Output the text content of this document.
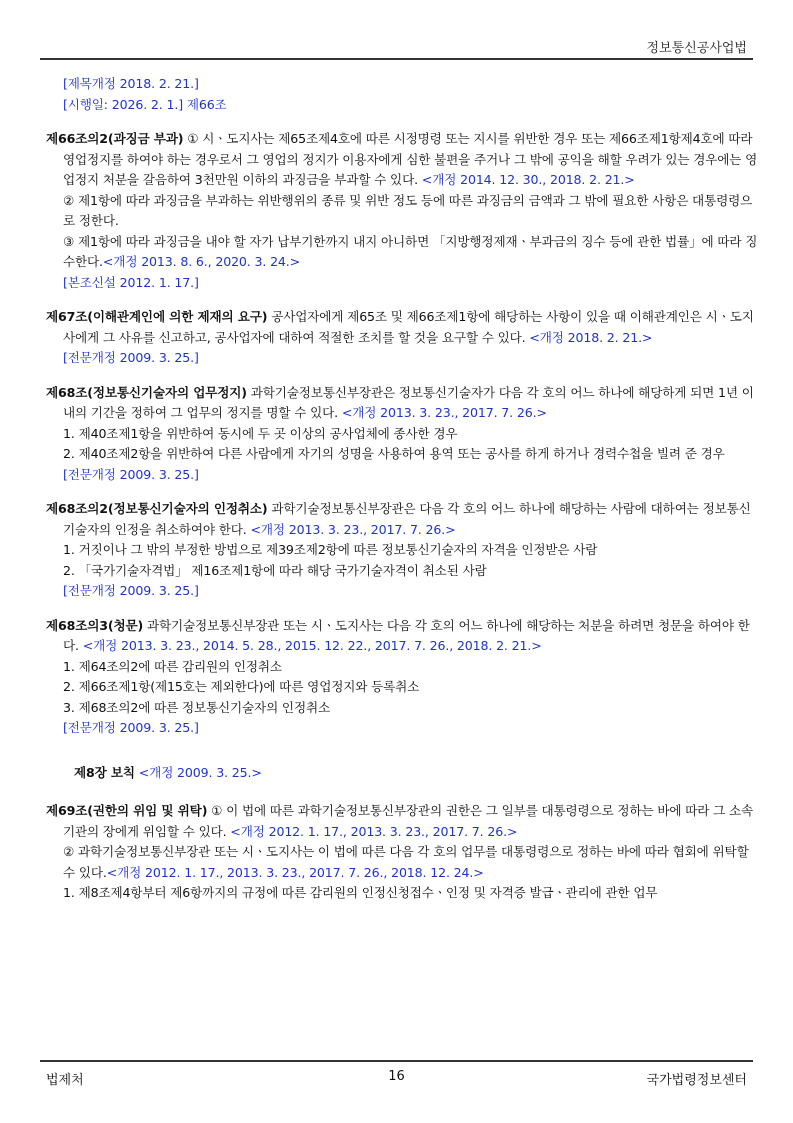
정보통신공사업법
[제목개정 2018. 2. 21.]
[시행일: 2026. 2. 1.] 제66조
제66조의2(과징금 부과) ① 시ㆍ도지사는 제65조제4호에 따른 시정명령 또는 지시를 위반한 경우 또는 제66조제1항제4호에 따라 영업정지를 하여야 하는 경우로서 그 영업의 정지가 이용자에게 심한 불편을 주거나 그 밖에 공익을 해할 우려가 있는 경우에는 영업정지 처분을 갈음하여 3천만원 이하의 과징금을 부과할 수 있다. <개정 2014. 12. 30., 2018. 2. 21.>
② 제1항에 따라 과징금을 부과하는 위반행위의 종류 및 위반 정도 등에 따른 과징금의 금액과 그 밖에 필요한 사항은 대통령령으로 정한다.
③ 제1항에 따라 과징금을 내야 할 자가 납부기한까지 내지 아니하면 「지방행정제재ㆍ부과금의 징수 등에 관한 법률」에 따라 징수한다.<개정 2013. 8. 6., 2020. 3. 24.>
[본조신설 2012. 1. 17.]
제67조(이해관계인에 의한 제재의 요구) 공사업자에게 제65조 및 제66조제1항에 해당하는 사항이 있을 때 이해관계인은 시ㆍ도지사에게 그 사유를 신고하고, 공사업자에 대하여 적절한 조치를 할 것을 요구할 수 있다. <개정 2018. 2. 21.>
[전문개정 2009. 3. 25.]
제68조(정보통신기술자의 업무정지) 과학기술정보통신부장관은 정보통신기술자가 다음 각 호의 어느 하나에 해당하게 되면 1년 이내의 기간을 정하여 그 업무의 정지를 명할 수 있다. <개정 2013. 3. 23., 2017. 7. 26.>
1. 제40조제1항을 위반하여 동시에 두 곳 이상의 공사업체에 종사한 경우
2. 제40조제2항을 위반하여 다른 사람에게 자기의 성명을 사용하여 용역 또는 공사를 하게 하거나 경력수첩을 빌려 준 경우
[전문개정 2009. 3. 25.]
제68조의2(정보통신기술자의 인정취소) 과학기술정보통신부장관은 다음 각 호의 어느 하나에 해당하는 사람에 대하여는 정보통신기술자의 인정을 취소하여야 한다. <개정 2013. 3. 23., 2017. 7. 26.>
1. 거짓이나 그 밖의 부정한 방법으로 제39조제2항에 따른 정보통신기술자의 자격을 인정받은 사람
2. 「국가기술자격법」 제16조제1항에 따라 해당 국가기술자격이 취소된 사람
[전문개정 2009. 3. 25.]
제68조의3(청문) 과학기술정보통신부장관 또는 시ㆍ도지사는 다음 각 호의 어느 하나에 해당하는 처분을 하려면 청문을 하여야 한다. <개정 2013. 3. 23., 2014. 5. 28., 2015. 12. 22., 2017. 7. 26., 2018. 2. 21.>
1. 제64조의2에 따른 감리원의 인정취소
2. 제66조제1항(제15호는 제외한다)에 따른 영업정지와 등록취소
3. 제68조의2에 따른 정보통신기술자의 인정취소
[전문개정 2009. 3. 25.]
제8장 보칙 <개정 2009. 3. 25.>
제69조(권한의 위임 및 위탁) ① 이 법에 따른 과학기술정보통신부장관의 권한은 그 일부를 대통령령으로 정하는 바에 따라 그 소속 기관의 장에게 위임할 수 있다. <개정 2012. 1. 17., 2013. 3. 23., 2017. 7. 26.>
② 과학기술정보통신부장관 또는 시ㆍ도지사는 이 법에 따른 다음 각 호의 업무를 대통령령으로 정하는 바에 따라 협회에 위탁할 수 있다.<개정 2012. 1. 17., 2013. 3. 23., 2017. 7. 26., 2018. 12. 24.>
1. 제8조제4항부터 제6항까지의 규정에 따른 감리원의 인정신청접수ㆍ인정 및 자격증 발급ㆍ관리에 관한 업무
법제처	16	국가법령정보센터
